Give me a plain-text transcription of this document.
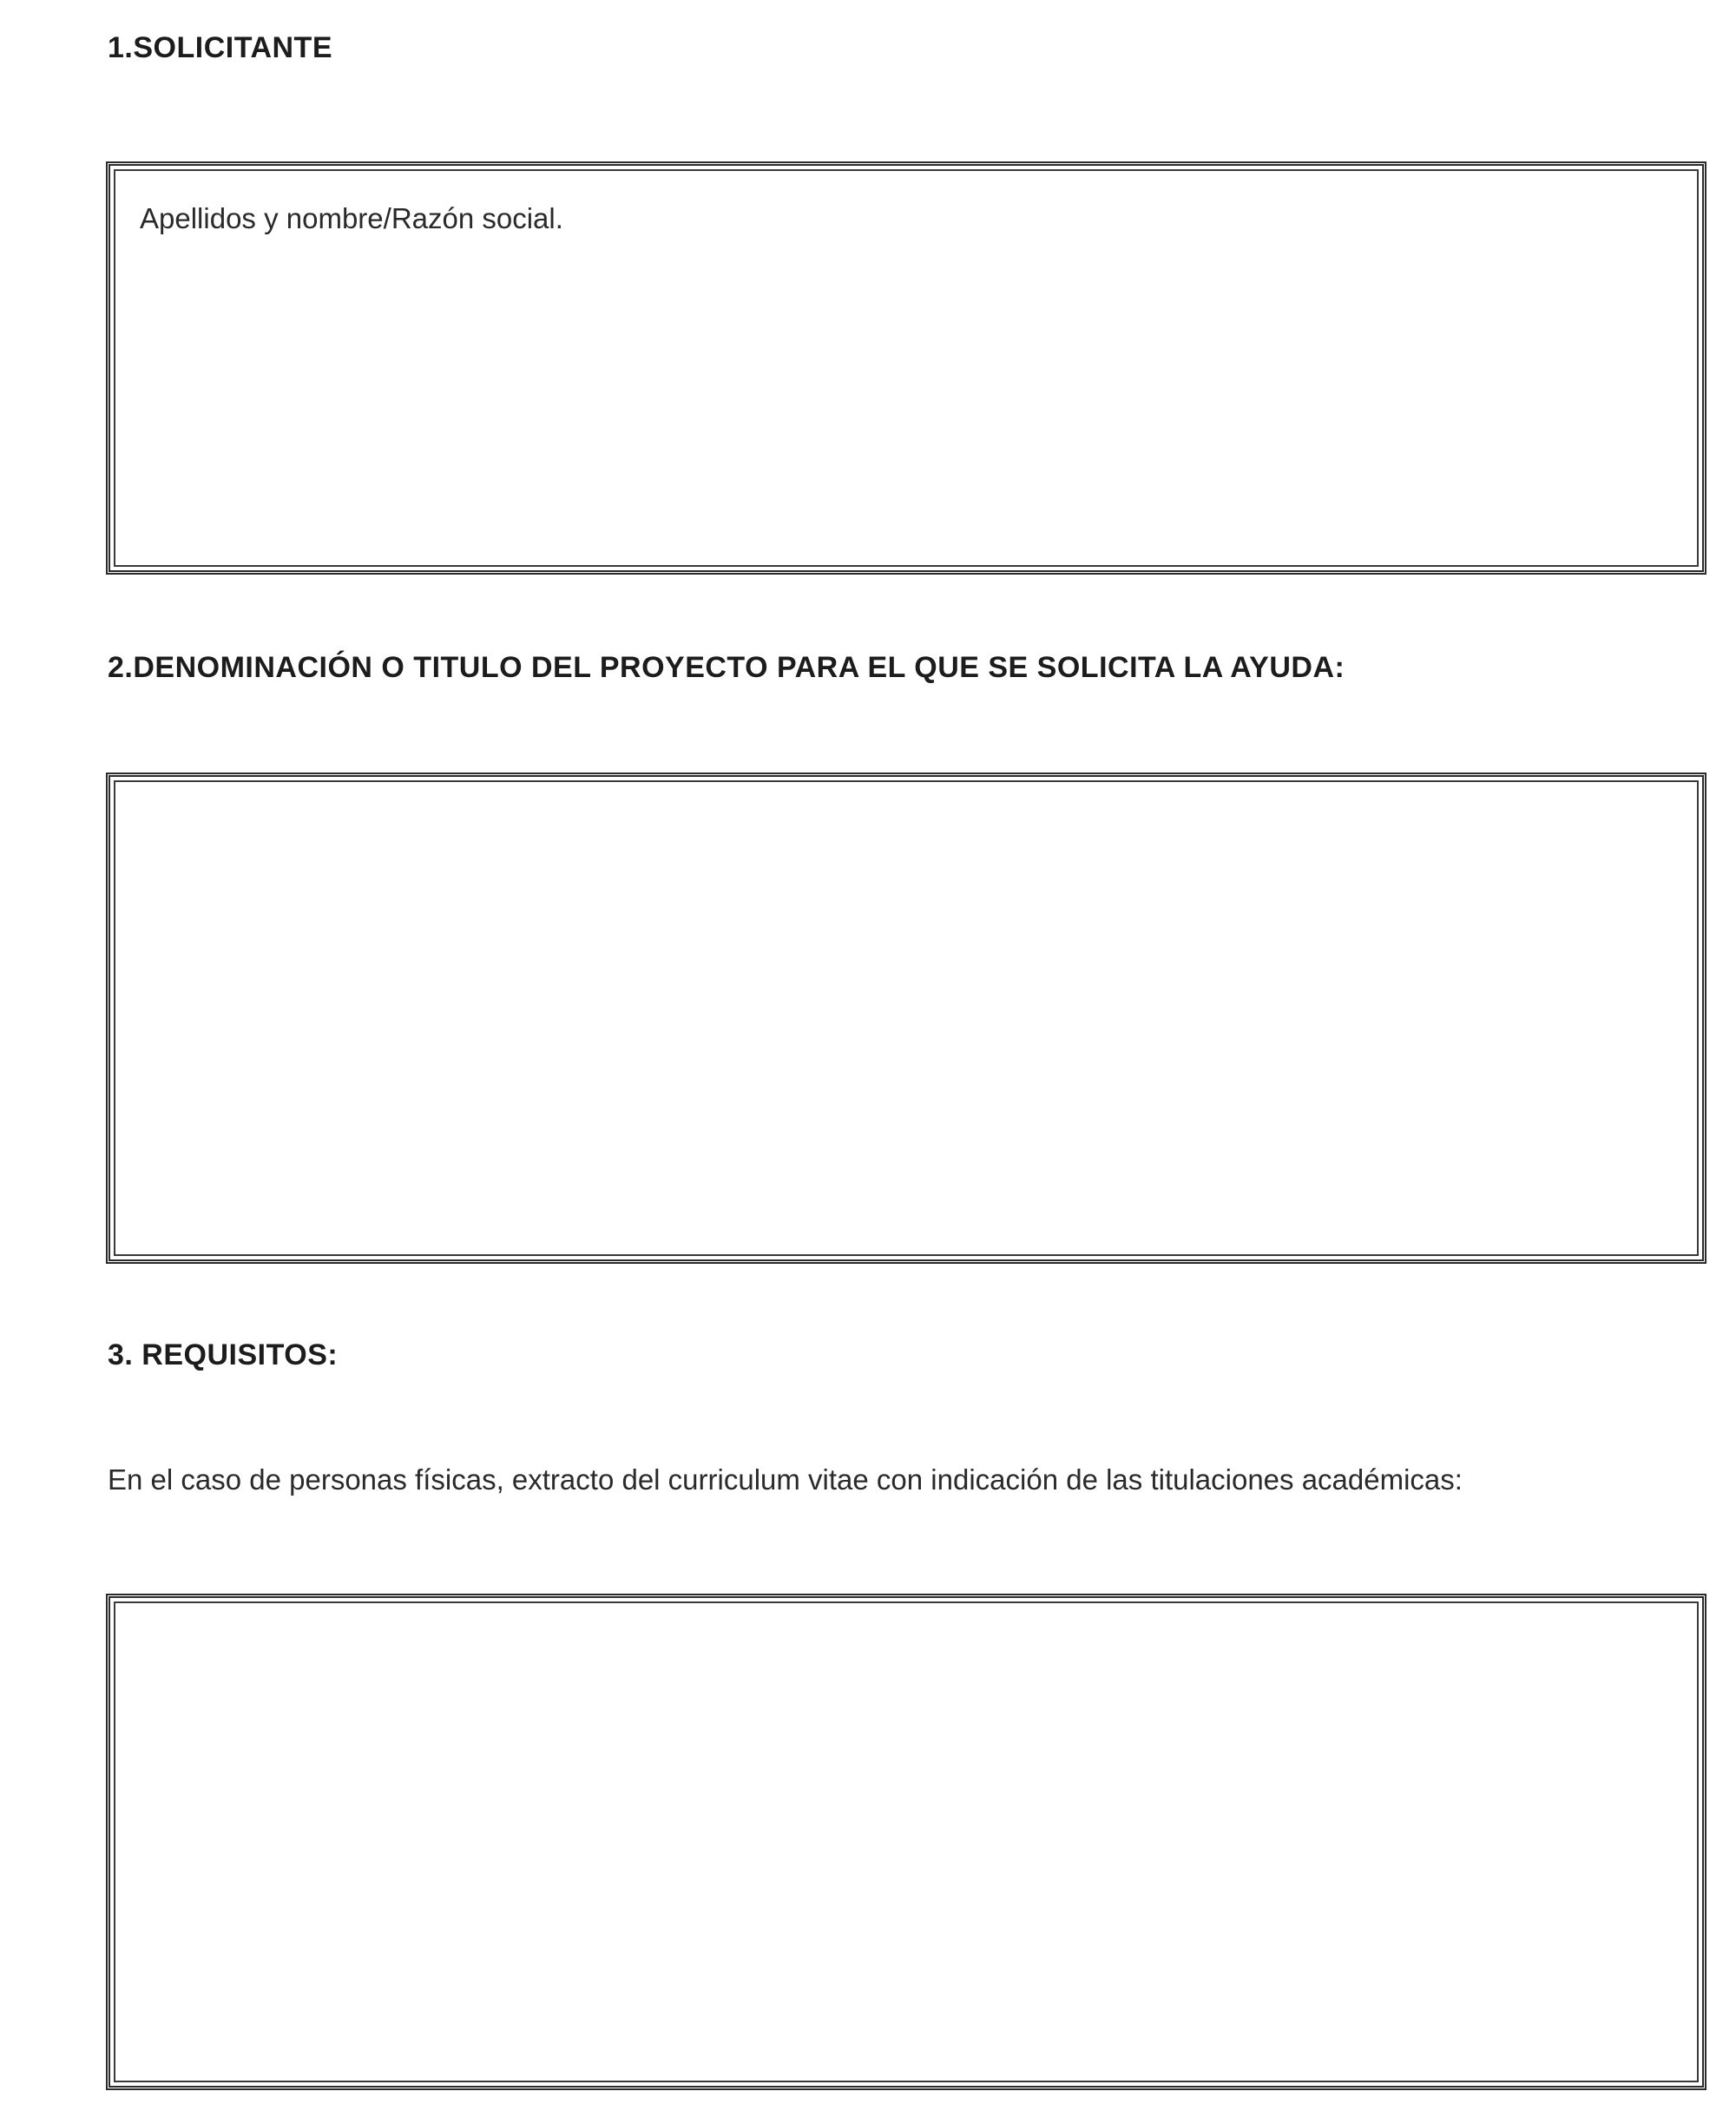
1.SOLICITANTE
Apellidos y nombre/Razón social.
2.DENOMINACIÓN O TITULO DEL PROYECTO PARA EL QUE SE SOLICITA LA AYUDA:
3. REQUISITOS:

En el caso de personas físicas, extracto del curriculum vitae con indicación de las titulaciones académicas:
